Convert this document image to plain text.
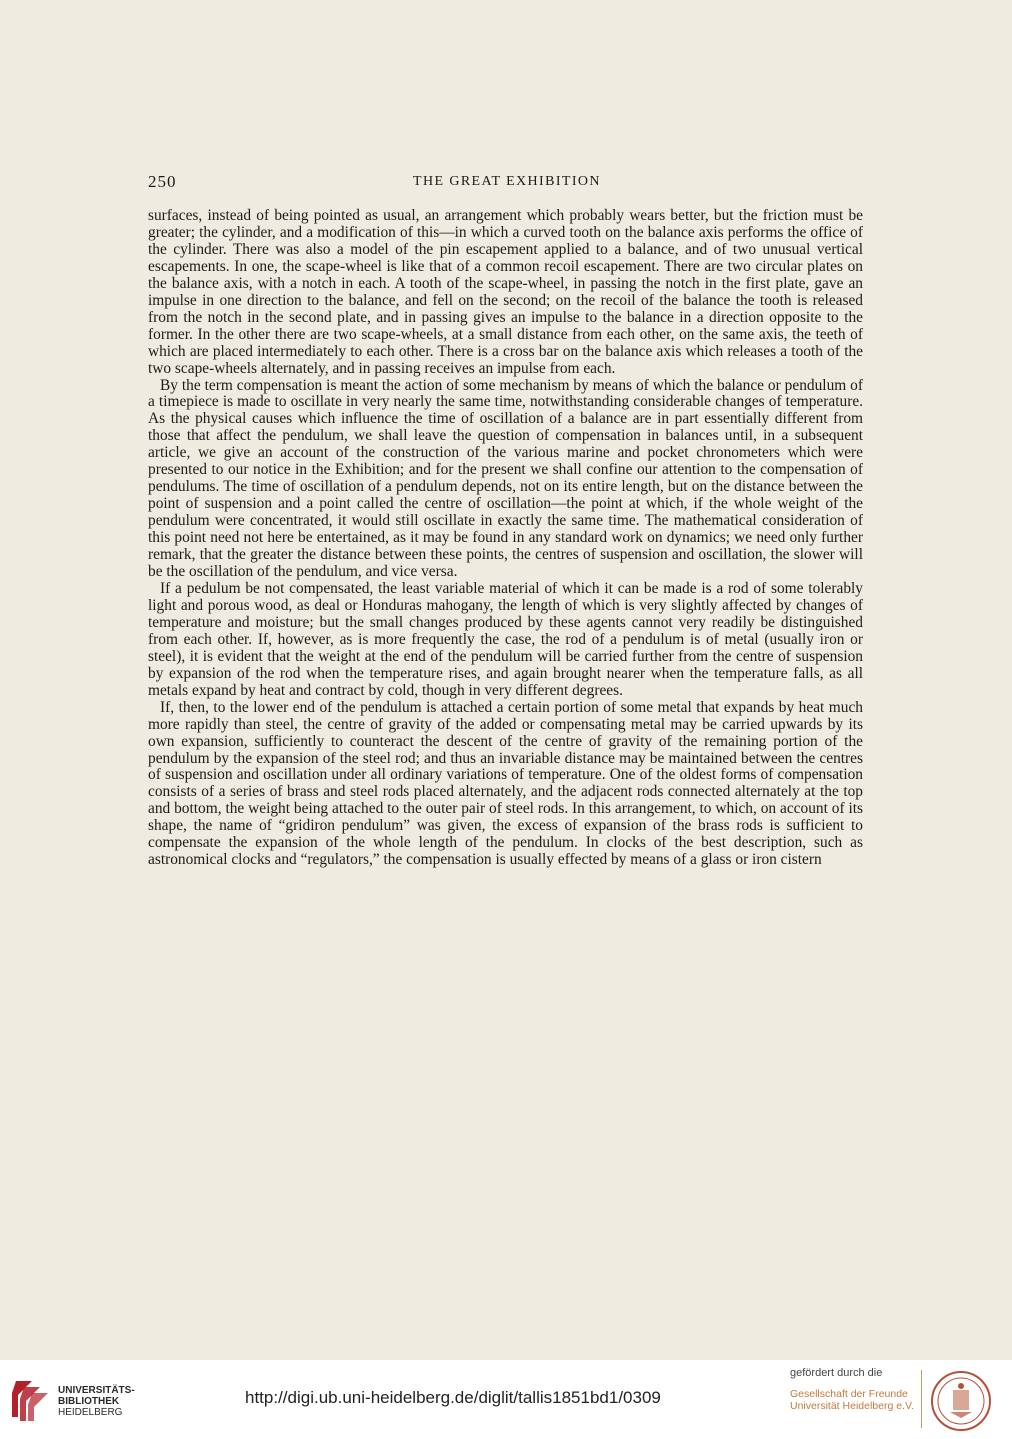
250	THE GREAT EXHIBITION

surfaces, instead of being pointed as usual, an arrangement which probably wears better, but the friction must be greater; the cylinder, and a modification of this—in which a curved tooth on the balance axis performs the office of the cylinder. There was also a model of the pin escapement applied to a balance, and of two unusual vertical escapements. In one, the scape-wheel is like that of a common recoil escapement. There are two circular plates on the balance axis, with a notch in each. A tooth of the scape-wheel, in passing the notch in the first plate, gave an impulse in one direction to the balance, and fell on the second; on the recoil of the balance the tooth is released from the notch in the second plate, and in passing gives an impulse to the balance in a direction opposite to the former. In the other there are two scape-wheels, at a small distance from each other, on the same axis, the teeth of which are placed intermediately to each other. There is a cross bar on the balance axis which releases a tooth of the two scape-wheels alternately, and in passing receives an impulse from each.

By the term compensation is meant the action of some mechanism by means of which the balance or pendulum of a timepiece is made to oscillate in very nearly the same time, notwithstanding considerable changes of temperature. As the physical causes which influence the time of oscillation of a balance are in part essentially different from those that affect the pendulum, we shall leave the question of compensation in balances until, in a subsequent article, we give an account of the construction of the various marine and pocket chronometers which were presented to our notice in the Exhibition; and for the present we shall confine our attention to the compensation of pendulums. The time of oscillation of a pendulum depends, not on its entire length, but on the distance between the point of suspension and a point called the centre of oscillation—the point at which, if the whole weight of the pendulum were concentrated, it would still oscillate in exactly the same time. The mathematical consideration of this point need not here be entertained, as it may be found in any standard work on dynamics; we need only further remark, that the greater the distance between these points, the centres of suspension and oscillation, the slower will be the oscillation of the pendulum, and vice versa.

If a pedulum be not compensated, the least variable material of which it can be made is a rod of some tolerably light and porous wood, as deal or Honduras mahogany, the length of which is very slightly affected by changes of temperature and moisture; but the small changes produced by these agents cannot very readily be distinguished from each other. If, however, as is more frequently the case, the rod of a pendulum is of metal (usually iron or steel), it is evident that the weight at the end of the pendulum will be carried further from the centre of suspension by expansion of the rod when the temperature rises, and again brought nearer when the temperature falls, as all metals expand by heat and contract by cold, though in very different degrees.

If, then, to the lower end of the pendulum is attached a certain portion of some metal that expands by heat much more rapidly than steel, the centre of gravity of the added or compensating metal may be carried upwards by its own expansion, sufficiently to counteract the descent of the centre of gravity of the remaining portion of the pendulum by the expansion of the steel rod; and thus an invariable distance may be maintained between the centres of suspension and oscillation under all ordinary variations of temperature. One of the oldest forms of compensation consists of a series of brass and steel rods placed alternately, and the adjacent rods connected alternately at the top and bottom, the weight being attached to the outer pair of steel rods. In this arrangement, to which, on account of its shape, the name of “gridiron pendulum” was given, the excess of expansion of the brass rods is sufficient to compensate the expansion of the whole length of the pendulum. In clocks of the best description, such as astronomical clocks and “regulators,” the compensation is usually effected by means of a glass or iron cistern

UNIVERSITÄTS-
BIBLIOTHEK
HEIDELBERG
http://digi.ub.uni-heidelberg.de/diglit/tallis1851bd1/0309
gefördert durch die
Gesellschaft der Freunde
Universität Heidelberg e.V.
